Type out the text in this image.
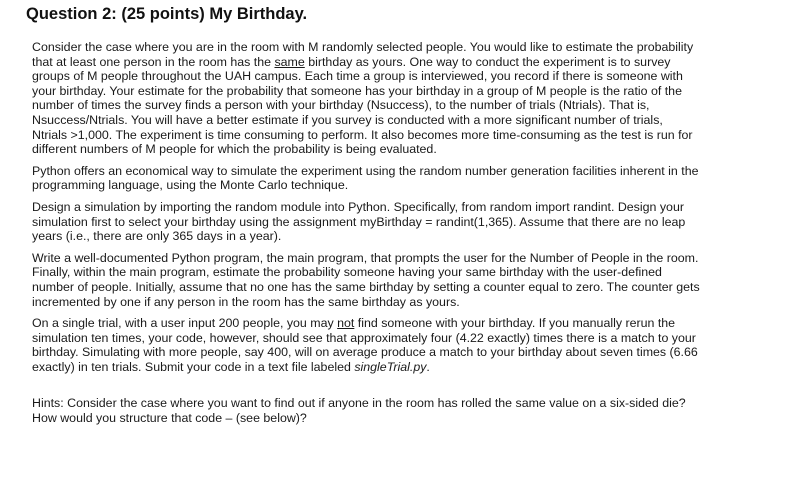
Question 2: (25 points) My Birthday.
Consider the case where you are in the room with M randomly selected people. You would like to estimate the probability
that at least one person in the room has the same birthday as yours. One way to conduct the experiment is to survey
groups of M people throughout the UAH campus. Each time a group is interviewed, you record if there is someone with
your birthday. Your estimate for the probability that someone has your birthday in a group of M people is the ratio of the
number of times the survey finds a person with your birthday (Nsuccess), to the number of trials (Ntrials). That is,
Nsuccess/Ntrials. You will have a better estimate if you survey is conducted with a more significant number of trials,
Ntrials >1,000. The experiment is time consuming to perform. It also becomes more time-consuming as the test is run for
different numbers of M people for which the probability is being evaluated.
Python offers an economical way to simulate the experiment using the random number generation facilities inherent in the
programming language, using the Monte Carlo technique.
Design a simulation by importing the random module into Python. Specifically, from random import randint. Design your
simulation first to select your birthday using the assignment myBirthday = randint(1,365). Assume that there are no leap
years (i.e., there are only 365 days in a year).
Write a well-documented Python program, the main program, that prompts the user for the Number of People in the room.
Finally, within the main program, estimate the probability someone having your same birthday with the user-defined
number of people. Initially, assume that no one has the same birthday by setting a counter equal to zero. The counter gets
incremented by one if any person in the room has the same birthday as yours.
On a single trial, with a user input 200 people, you may not find someone with your birthday. If you manually rerun the
simulation ten times, your code, however, should see that approximately four (4.22 exactly) times there is a match to your
birthday. Simulating with more people, say 400, will on average produce a match to your birthday about seven times (6.66
exactly) in ten trials. Submit your code in a text file labeled singleTrial.py.
Hints: Consider the case where you want to find out if anyone in the room has rolled the same value on a six-sided die?
How would you structure that code – (see below)?
